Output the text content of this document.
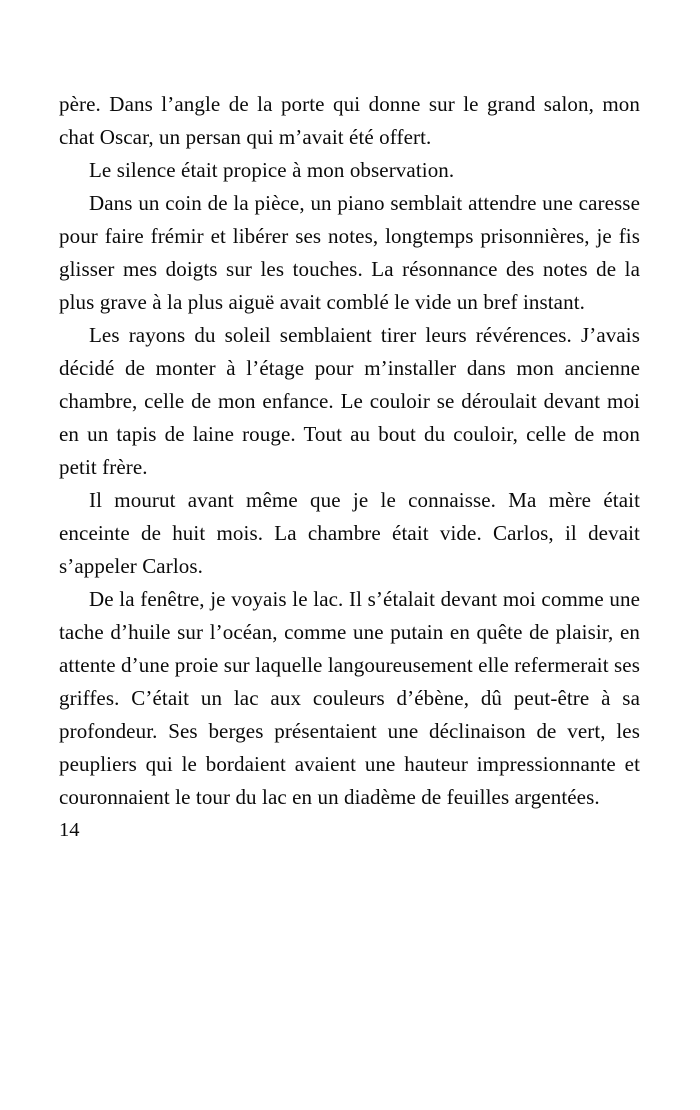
père. Dans l’angle de la porte qui donne sur le grand salon, mon chat Oscar, un persan qui m’avait été offert.

Le silence était propice à mon observation.

Dans un coin de la pièce, un piano semblait attendre une caresse pour faire frémir et libérer ses notes, longtemps prisonnières, je fis glisser mes doigts sur les touches. La résonnance des notes de la plus grave à la plus aiguë avait comblé le vide un bref instant.

Les rayons du soleil semblaient tirer leurs révérences. J’avais décidé de monter à l’étage pour m’installer dans mon ancienne chambre, celle de mon enfance. Le couloir se déroulait devant moi en un tapis de laine rouge. Tout au bout du couloir, celle de mon petit frère.

Il mourut avant même que je le connaisse. Ma mère était enceinte de huit mois. La chambre était vide. Carlos, il devait s’appeler Carlos.

De la fenêtre, je voyais le lac. Il s’étalait devant moi comme une tache d’huile sur l’océan, comme une putain en quête de plaisir, en attente d’une proie sur laquelle langoureusement elle refermerait ses griffes. C’était un lac aux couleurs d’ébène, dû peut-être à sa profondeur. Ses berges présentaient une déclinaison de vert, les peupliers qui le bordaient avaient une hauteur impressionnante et couronnaient le tour du lac en un diadème de feuilles argentées.

14
